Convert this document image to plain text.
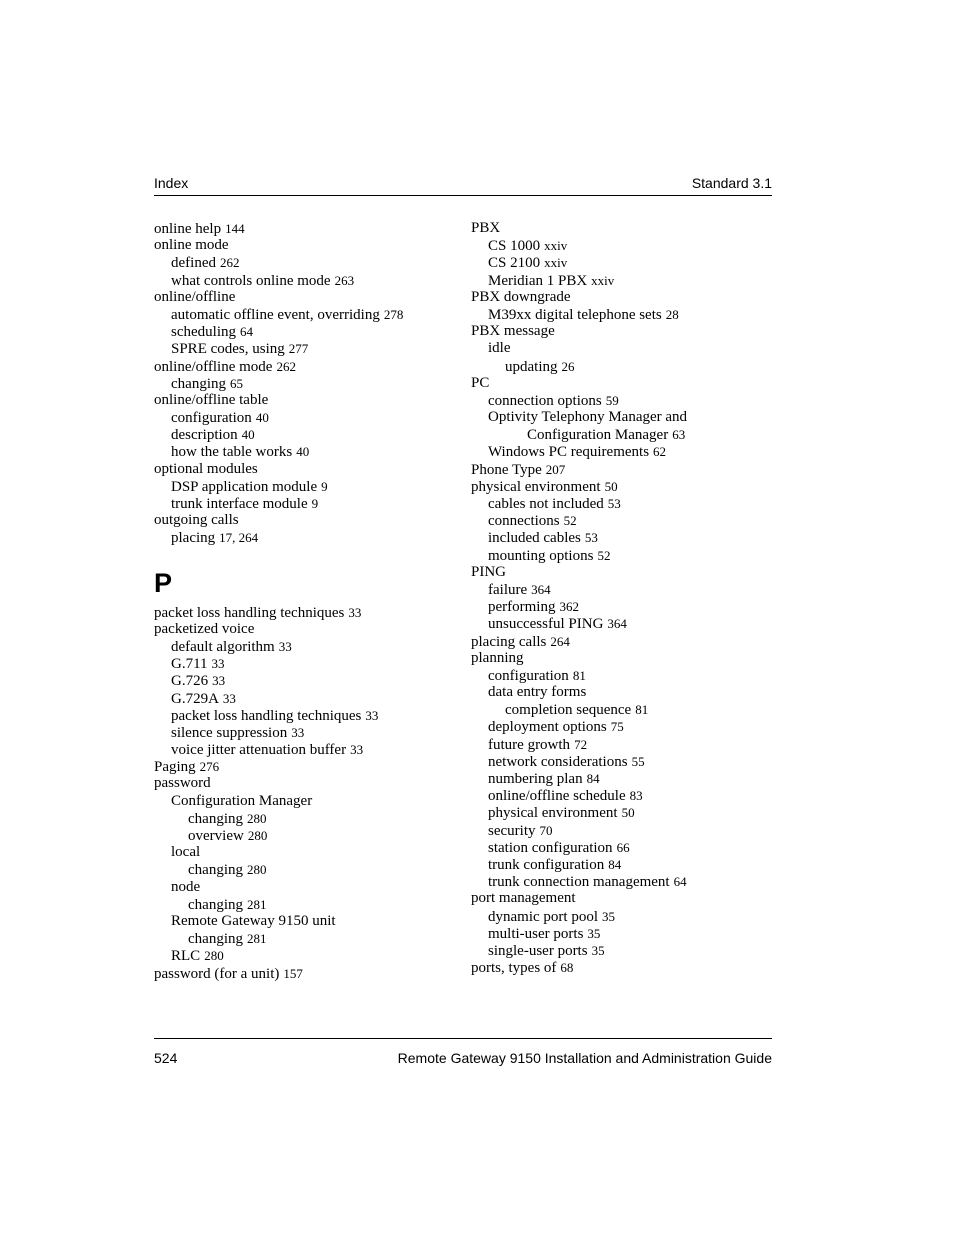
Index	Standard 3.1
online help 144
online mode
defined 262
what controls online mode 263
online/offline
automatic offline event, overriding 278
scheduling 64
SPRE codes, using 277
online/offline mode 262
changing 65
online/offline table
configuration 40
description 40
how the table works 40
optional modules
DSP application module 9
trunk interface module 9
outgoing calls
placing 17, 264
P
packet loss handling techniques 33
packetized voice
default algorithm 33
G.711 33
G.726 33
G.729A 33
packet loss handling techniques 33
silence suppression 33
voice jitter attenuation buffer 33
Paging 276
password
Configuration Manager
changing 280
overview 280
local
changing 280
node
changing 281
Remote Gateway 9150 unit
changing 281
RLC 280
password (for a unit) 157
PBX
CS 1000 xxiv
CS 2100 xxiv
Meridian 1 PBX xxiv
PBX downgrade
M39xx digital telephone sets 28
PBX message
idle
updating 26
PC
connection options 59
Optivity Telephony Manager and
Configuration Manager 63
Windows PC requirements 62
Phone Type 207
physical environment 50
cables not included 53
connections 52
included cables 53
mounting options 52
PING
failure 364
performing 362
unsuccessful PING 364
placing calls 264
planning
configuration 81
data entry forms
completion sequence 81
deployment options 75
future growth 72
network considerations 55
numbering plan 84
online/offline schedule 83
physical environment 50
security 70
station configuration 66
trunk configuration 84
trunk connection management 64
port management
dynamic port pool 35
multi-user ports 35
single-user ports 35
ports, types of 68
524	Remote Gateway 9150 Installation and Administration Guide
